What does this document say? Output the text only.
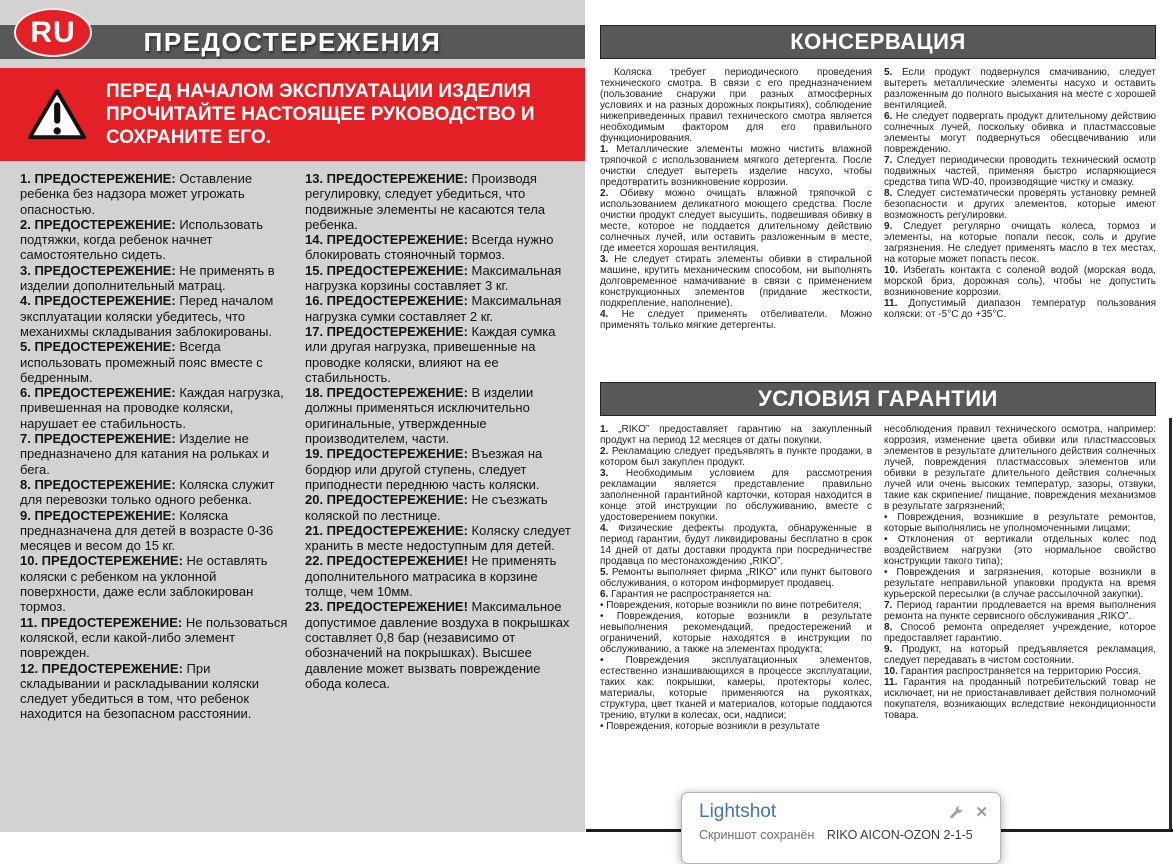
RU	ПРЕДОСТЕРЕЖЕНИЯ

ПЕРЕД НАЧАЛОМ ЭКСПЛУАТАЦИИ ИЗДЕЛИЯ ПРОЧИТАЙТЕ НАСТОЯЩЕЕ РУКОВОДСТВО И СОХРАНИТЕ ЕГО.

1. ПРЕДОСТЕРЕЖЕНИЕ: Оставление ребенка без надзора может угрожать опасностью.

2. ПРЕДОСТЕРЕЖЕНИЕ: Использовать подтяжки, когда ребенок начнет самостоятельно сидеть.

3. ПРЕДОСТЕРЕЖЕНИЕ: Не применять в изделии дополнительный матрац.

4. ПРЕДОСТЕРЕЖЕНИЕ: Перед началом эксплуатации коляски убедитесь, что механихмы складывания заблокированы.

5. ПРЕДОСТЕРЕЖЕНИЕ: Всегда использовать промежный пояс вместе с бедренным.

6. ПРЕДОСТЕРЕЖЕНИЕ: Каждая нагрузка, привешенная на проводке коляски, нарушает ее стабильность.

7. ПРЕДОСТЕРЕЖЕНИЕ: Изделие не предназначено для катания на рольках и бега.

8. ПРЕДОСТЕРЕЖЕНИЕ: Коляска служит для перевозки только одного ребенка.

9. ПРЕДОСТЕРЕЖЕНИЕ: Коляска предназначена для детей в возрасте 0-36 месяцев и весом до 15 кг.

10. ПРЕДОСТЕРЕЖЕНИЕ: Не оставлять коляски с ребенком на уклонной поверхности, даже если заблокирован тормоз.

11. ПРЕДОСТЕРЕЖЕНИЕ: Не пользоваться коляской, если какой-либо элемент поврежден.

12. ПРЕДОСТЕРЕЖЕНИЕ: При складывании и раскладывании коляски следует убедиться в том, что ребенок находится на безопасном расстоянии.

13. ПРЕДОСТЕРЕЖЕНИЕ: Производя регулировку, следует убедиться, что подвижные элементы не касаются тела ребенка.

14. ПРЕДОСТЕРЕЖЕНИЕ: Всегда нужно блокировать стояночный тормоз.

15. ПРЕДОСТЕРЕЖЕНИЕ: Максимальная нагрузка корзины составляет 3 кг.

16. ПРЕДОСТЕРЕЖЕНИЕ: Максимальная нагрузка сумки составляет 2 кг.

17. ПРЕДОСТЕРЕЖЕНИЕ: Каждая сумка или другая нагрузка, привешенные на проводке коляски, влияют на ее стабильность.

18. ПРЕДОСТЕРЕЖЕНИЕ: В изделии должны применяться исключительно оригинальные, утвержденные производителем, части.

19. ПРЕДОСТЕРЕЖЕНИЕ: Въезжая на бордюр или другой ступень, следует приподнести переднюю часть коляски.

20. ПРЕДОСТЕРЕЖЕНИЕ: Не съезжать коляской по лестнице.

21. ПРЕДОСТЕРЕЖЕНИЕ: Коляску следует хранить в месте недоступным для детей.

22. ПРЕДОСТЕРЕЖЕНИЕ! Не применять дополнительного матрасика в корзине толще, чем 10мм.

23. ПРЕДОСТЕРЕЖЕНИЕ! Максимальное допустимое давление воздуха в покрышках составляет 0,8 бар (независимо от обозначений на покрышках). Высшее давление может вызвать повреждение обода колеса.

КОНСЕРВАЦИЯ

Коляска требует периодического проведения технического смотра. В связи с его предназначением (пользование снаружи при разных атмосферных условиях и на разных дорожных покрытиях), соблюдение нижеприведенных правил технического смотра является необходимым фактором для его правильного функционирования.

1. Металлические элементы можно чистить влажной тряпочкой с использованием мягкого детергента. После очистки следует вытереть изделие насухо, чтобы предотвратить возникновение коррозии.

2. Обивку можно очищать влажной тряпочкой с использованием деликатного моющего средства. После очистки продукт следует высушить, подвешивая обивку в месте, которое не поддается длительному действию солнечных лучей, или оставить разложенным в месте, где имеется хорошая вентиляция.

3. Не следует стирать элементы обивки в стиральной машине, крутить механическим способом, ни выполнять долговременное намачивание в связи с применением конструкционных элементов (придание жесткости, подкрепление, наполнение).

4. Не следует применять отбеливатели. Можно применять только мягкие детергенты.

5. Если продукт подвернулся смачиванию, следует вытереть металлические элементы насухо и оставить разложенным до полного высыхания на месте с хорошей вентиляцией.

6. Не следует подвергать продукт длительному действию солнечных лучей, поскольку обивка и пластмассовые элементы могут подвернуться обесцвечиванию или повреждению.

7. Следует периодически проводить технический осмотр подвижных частей, применяя быстро испаряющиеся средства типа WD-40, производящие чистку и смазку.

8. Следует систематически проверять установку ремней безопасности и других элементов, которые имеют возможность регулировки.

9. Следует регулярно очищать колеса, тормоз и элементы, на которые попали песок, соль и другие загрязнения. Не следует применять масло в тех местах, на которые может попасть песок.

10. Избегать контакта с соленой водой (морская вода, морской бриз, дорожная соль), чтобы не допустить возникновение коррозии.

11. Допустимый диапазон температур пользования коляски: от -5°C до +35°C.

УСЛОВИЯ ГАРАНТИИ

1. „RIKO” предоставляет гарантию на закупленный продукт на период 12 месяцев от даты покупки.

2. Рекламацию следует предъявлять в пункте продажи, в котором был закуплен продукт.

3. Необходимым условием для рассмотрения рекламации является представление правильно заполненной гарантийной карточки, которая находится в конце этой инструкции по обслуживанию, вместе с удостоверением покупки.

4. Физические дефекты продукта, обнаруженные в период гарантии, будут ликвидированы бесплатно в срок 14 дней от даты доставки продукта при посредничестве продавца по местонахождению „RIKO”.

5. Ремонты выполняет фирма „RIKO” или пункт бытового обслуживания, о котором информирует продавец.

6. Гарантия не распространяется на:

• Повреждения, которые возникли по вине потребителя;

• Повреждения, которые возникли в результате невыполнения рекомендаций, предостережений и ограничений, которые находятся в инструкции по обслуживанию, а также на элементах продукта;

• Повреждения эксплуатационных элементов, естественно изнашивающихся в процессе эксплуатации, таких как: покрышки, камеры, протекторы колес, материалы, которые применяются на рукоятках, структура, цвет тканей и материалов, которые поддаются трению, втулки в колесах, оси, надписи;

• Повреждения, которые возникли в результате

несоблюдения правил технического осмотра, например: коррозия, изменение цвета обивки или пластмассовых элементов в результате длительного действия солнечных лучей, повреждения пластмассовых элементов или обивки в результате длительного действия солнечных лучей или очень высоких температур, зазоры, отзвуки, такие как скрипение/ пищание, повреждения механизмов в результате загрязнений;

• Повреждения, возникшие в результате ремонтов, которые выполнялись не уполномоченными лицами;

• Отклонения от вертикали отдельных колес под воздействием нагрузки (это нормальное свойство конструкции такого типа);

• Повреждения и загрязнения, которые возникли в результате неправильной упаковки продукта на время курьерской пересылки (в случае рассылочной закупки).

7. Период гарантии продлевается на время выполнения ремонта на пункте сервисного обслуживания „RIKO”.

8. Способ ремонта определяет учреждение, которое предоставляет гарантию.

9. Продукт, на который предъявляется рекламация, следует передавать в чистом состоянии.

10. Гарантия распространяется на территорию Россия.

11. Гарантия на проданный потребительский товар не исключает, ни не приостанавливает действия полномочий покупателя, возникающих вследствие некондиционности товара.

Lightshot	✕
Скриншот сохранён RIKO AICON-OZON 2-1-5
